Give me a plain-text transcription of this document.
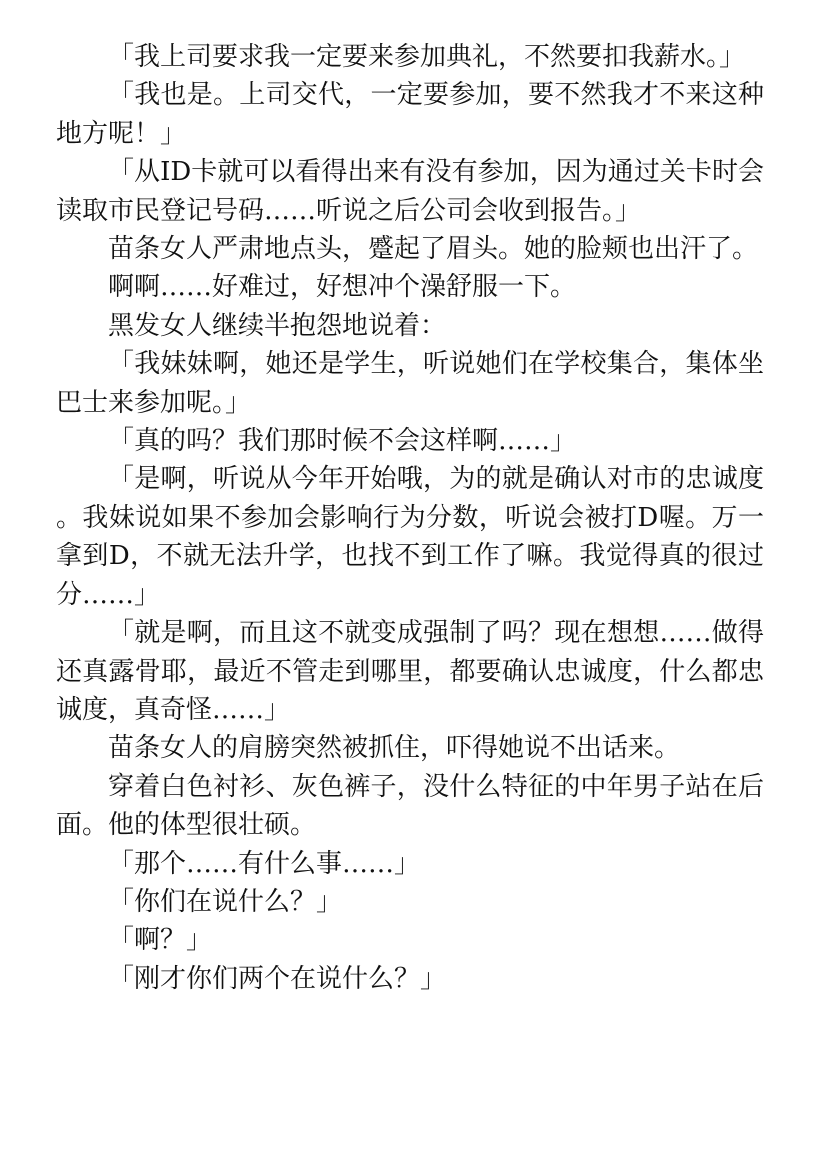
「我上司要求我一定要来参加典礼，不然要扣我薪水。」

「我也是。上司交代，一定要参加，要不然我才不来这种地方呢！」

「从ID卡就可以看得出来有没有参加，因为通过关卡时会读取市民登记号码……听说之后公司会收到报告。」

苗条女人严肃地点头，蹙起了眉头。她的脸颊也出汗了。

啊啊……好难过，好想冲个澡舒服一下。

黑发女人继续半抱怨地说着：

「我妹妹啊，她还是学生，听说她们在学校集合，集体坐巴士来参加呢。」

「真的吗？我们那时候不会这样啊……」

「是啊，听说从今年开始哦，为的就是确认对市的忠诚度。我妹说如果不参加会影响行为分数，听说会被打D喔。万一拿到D，不就无法升学，也找不到工作了嘛。我觉得真的很过分……」

「就是啊，而且这不就变成强制了吗？现在想想……做得还真露骨耶，最近不管走到哪里，都要确认忠诚度，什么都忠诚度，真奇怪……」

苗条女人的肩膀突然被抓住，吓得她说不出话来。

穿着白色衬衫、灰色裤子，没什么特征的中年男子站在后面。他的体型很壮硕。

「那个……有什么事……」

「你们在说什么？」

「啊？」

「刚才你们两个在说什么？」
